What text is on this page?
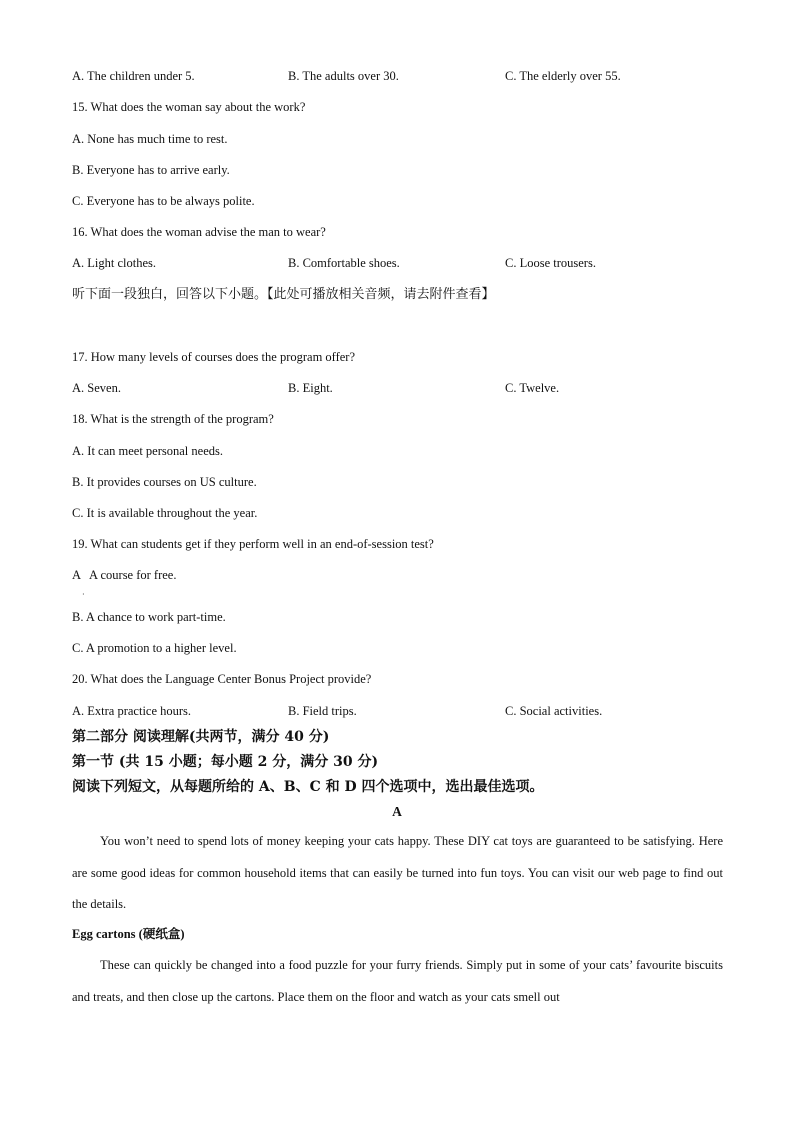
A. The children under 5.	B. The adults over 30.	C. The elderly over 55.
15. What does the woman say about the work?
A. None has much time to rest.
B. Everyone has to arrive early.
C. Everyone has to be always polite.
16. What does the woman advise the man to wear?
A. Light clothes.	B. Comfortable shoes.	C. Loose trousers.
听下面一段独白，回答以下小题。【此处可播放相关音频，请去附件查看】
17. How many levels of courses does the program offer?
A. Seven.	B. Eight.	C. Twelve.
18. What is the strength of the program?
A. It can meet personal needs.
B. It provides courses on US culture.
C. It is available throughout the year.
19. What can students get if they perform well in an end-of-session test?
A   A course for free.
·
B. A chance to work part-time.
C. A promotion to a higher level.
20. What does the Language Center Bonus Project provide?
A. Extra practice hours.	B. Field trips.	C. Social activities.
第二部分 阅读理解(共两节，满分 40 分)
第一节 (共 15 小题；每小题 2 分，满分 30 分)
阅读下列短文，从每题所给的 A、B、C 和 D 四个选项中，选出最佳选项。
A
You won’t need to spend lots of money keeping your cats happy. These DIY cat toys are guaranteed to be satisfying. Here are some good ideas for common household items that can easily be turned into fun toys. You can visit our web page to find out the details.
Egg cartons (硬纸盒)
These can quickly be changed into a food puzzle for your furry friends. Simply put in some of your cats’ favourite biscuits and treats, and then close up the cartons. Place them on the floor and watch as your cats smell out
